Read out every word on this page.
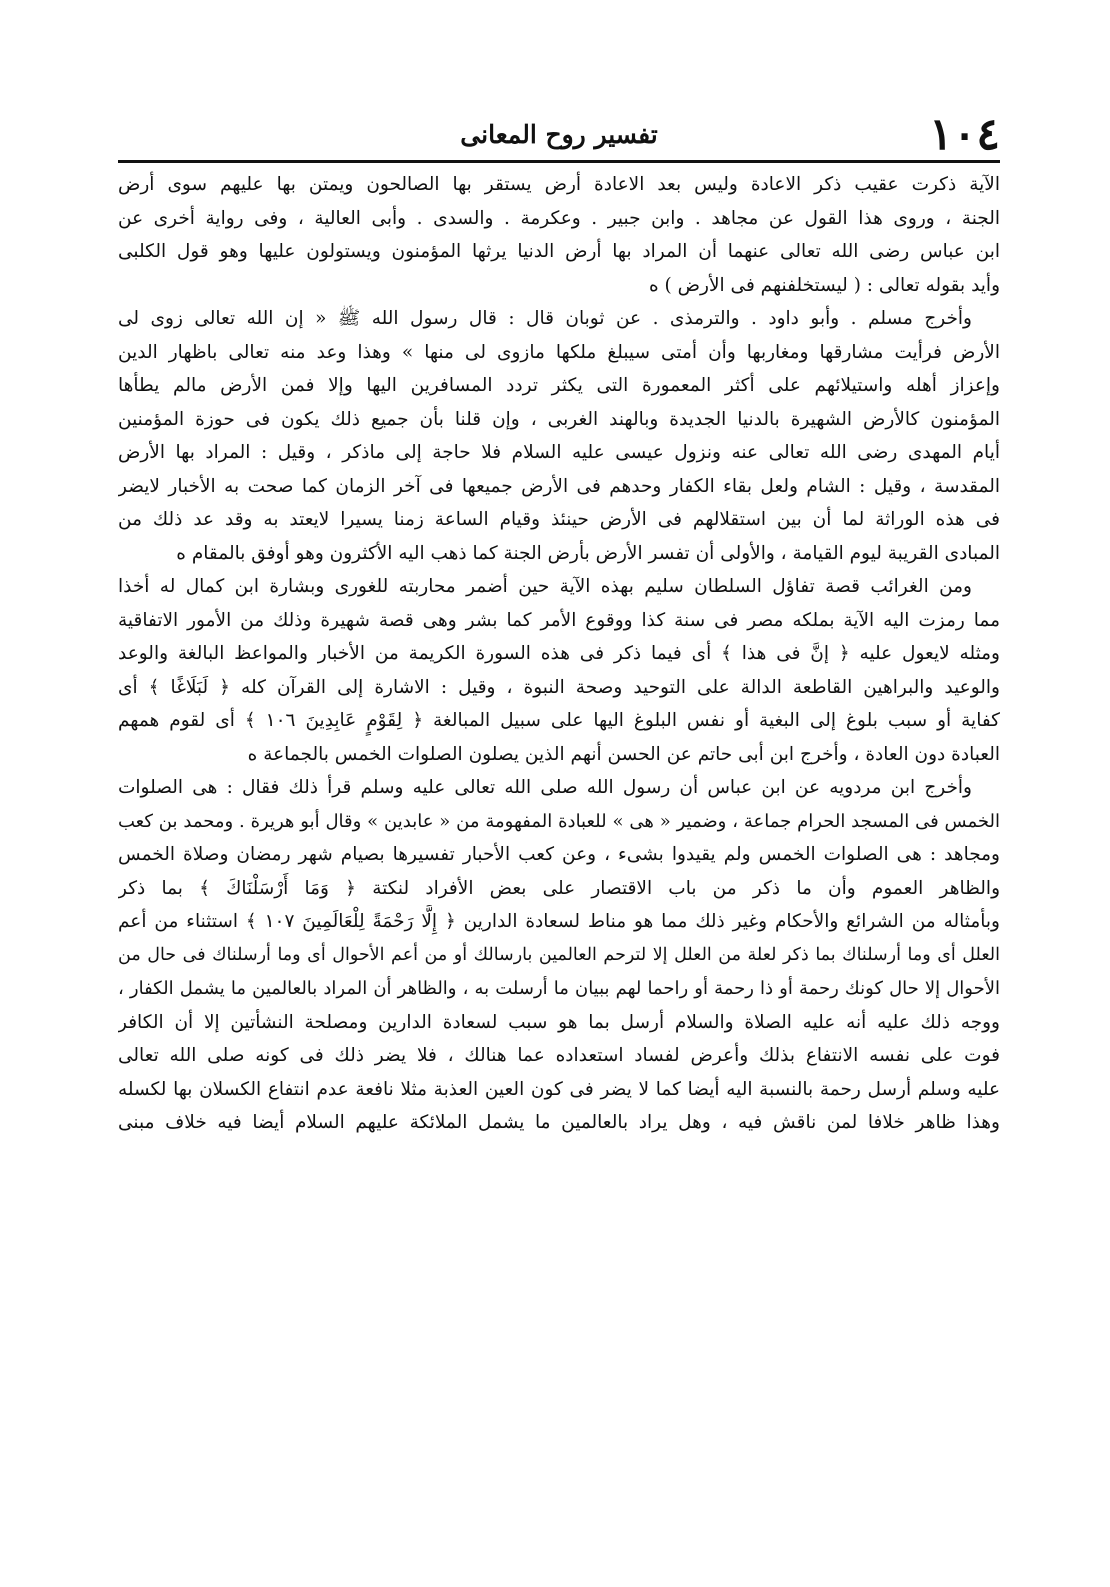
١٠٤
تفسير روح المعانى
الآية ذكرت عقيب ذكر الاعادة وليس بعد الاعادة أرض يستقر بها الصالحون ويمتن بها عليهم سوى أرض
الجنة ، وروى هذا القول عن مجاهد . وابن جبير . وعكرمة . والسدى . وأبى العالية ، وفى رواية أخرى عن
ابن عباس رضى الله تعالى عنهما أن المراد بها أرض الدنيا يرثها المؤمنون ويستولون عليها وهو قول الكلبى
وأيد بقوله تعالى : ( ليستخلفنهم فى الأرض ) ه
وأخرج مسلم . وأبو داود . والترمذى . عن ثوبان قال : قال رسول الله ﷺ « إن الله تعالى زوى لى
الأرض فرأيت مشارقها ومغاربها وأن أمتى سيبلغ ملكها مازوى لى منها » وهذا وعد منه تعالى باظهار الدين
وإعزاز أهله واستيلائهم على أكثر المعمورة التى يكثر تردد المسافرين اليها وإلا فمن الأرض مالم يطأها
المؤمنون كالأرض الشهيرة بالدنيا الجديدة وبالهند الغربى ، وإن قلنا بأن جميع ذلك يكون فى حوزة المؤمنين
أيام المهدى رضى الله تعالى عنه ونزول عيسى عليه السلام فلا حاجة إلى ماذكر ، وقيل : المراد بها الأرض
المقدسة ، وقيل : الشام ولعل بقاء الكفار وحدهم فى الأرض جميعها فى آخر الزمان كما صحت به الأخبار لايضر
فى هذه الوراثة لما أن بين استقلالهم فى الأرض حينئذ وقيام الساعة زمنا يسيرا لايعتد به وقد عد ذلك من
المبادى القريبة ليوم القيامة ، والأولى أن تفسر الأرض بأرض الجنة كما ذهب اليه الأكثرون وهو أوفق بالمقام ه
ومن الغرائب قصة تفاؤل السلطان سليم بهذه الآية حين أضمر محاربته للغورى وبشارة ابن كمال له أخذا
مما رمزت اليه الآية بملكه مصر فى سنة كذا ووقوع الأمر كما بشر وهى قصة شهيرة وذلك من الأمور الاتفاقية
ومثله لايعول عليه ﴿ إنَّ فى هذا ﴾ أى فيما ذكر فى هذه السورة الكريمة من الأخبار والمواعظ البالغة والوعد
والوعيد والبراهين القاطعة الدالة على التوحيد وصحة النبوة ، وقيل : الاشارة إلى القرآن كله ﴿ لَبَلَاغًا ﴾ أى
كفاية أو سبب بلوغ إلى البغية أو نفس البلوغ اليها على سبيل المبالغة ﴿ لِقَوْمٍ عَابِدِينَ ١٠٦ ﴾ أى لقوم همهم
العبادة دون العادة ، وأخرج ابن أبى حاتم عن الحسن أنهم الذين يصلون الصلوات الخمس بالجماعة ه
وأخرج ابن مردويه عن ابن عباس أن رسول الله صلى الله تعالى عليه وسلم قرأ ذلك فقال : هى الصلوات
الخمس فى المسجد الحرام جماعة ، وضمير « هى » للعبادة المفهومة من « عابدين » وقال أبو هريرة . ومحمد بن كعب
ومجاهد : هى الصلوات الخمس ولم يقيدوا بشىء ، وعن كعب الأحبار تفسيرها بصيام شهر رمضان وصلاة الخمس
والظاهر العموم وأن ما ذكر من باب الاقتصار على بعض الأفراد لنكتة ﴿ وَمَا أَرْسَلْنَاكَ ﴾ بما ذكر
وبأمثاله من الشرائع والأحكام وغير ذلك مما هو مناط لسعادة الدارين ﴿ إِلَّا رَحْمَةً لِلْعَالَمِينَ ١٠٧ ﴾ استثناء من أعم
العلل أى وما أرسلناك بما ذكر لعلة من العلل إلا لترحم العالمين بارسالك أو من أعم الأحوال أى وما أرسلناك فى حال من
الأحوال إلا حال كونك رحمة أو ذا رحمة أو راحما لهم ببيان ما أرسلت به ، والظاهر أن المراد بالعالمين ما يشمل الكفار ،
ووجه ذلك عليه أنه عليه الصلاة والسلام أرسل بما هو سبب لسعادة الدارين ومصلحة النشأتين إلا أن الكافر
فوت على نفسه الانتفاع بذلك وأعرض لفساد استعداده عما هنالك ، فلا يضر ذلك فى كونه صلى الله تعالى
عليه وسلم أرسل رحمة بالنسبة اليه أيضا كما لا يضر فى كون العين العذبة مثلا نافعة عدم انتفاع الكسلان بها لكسله
وهذا ظاهر خلافا لمن ناقش فيه ، وهل يراد بالعالمين ما يشمل الملائكة عليهم السلام أيضا فيه خلاف مبنى
